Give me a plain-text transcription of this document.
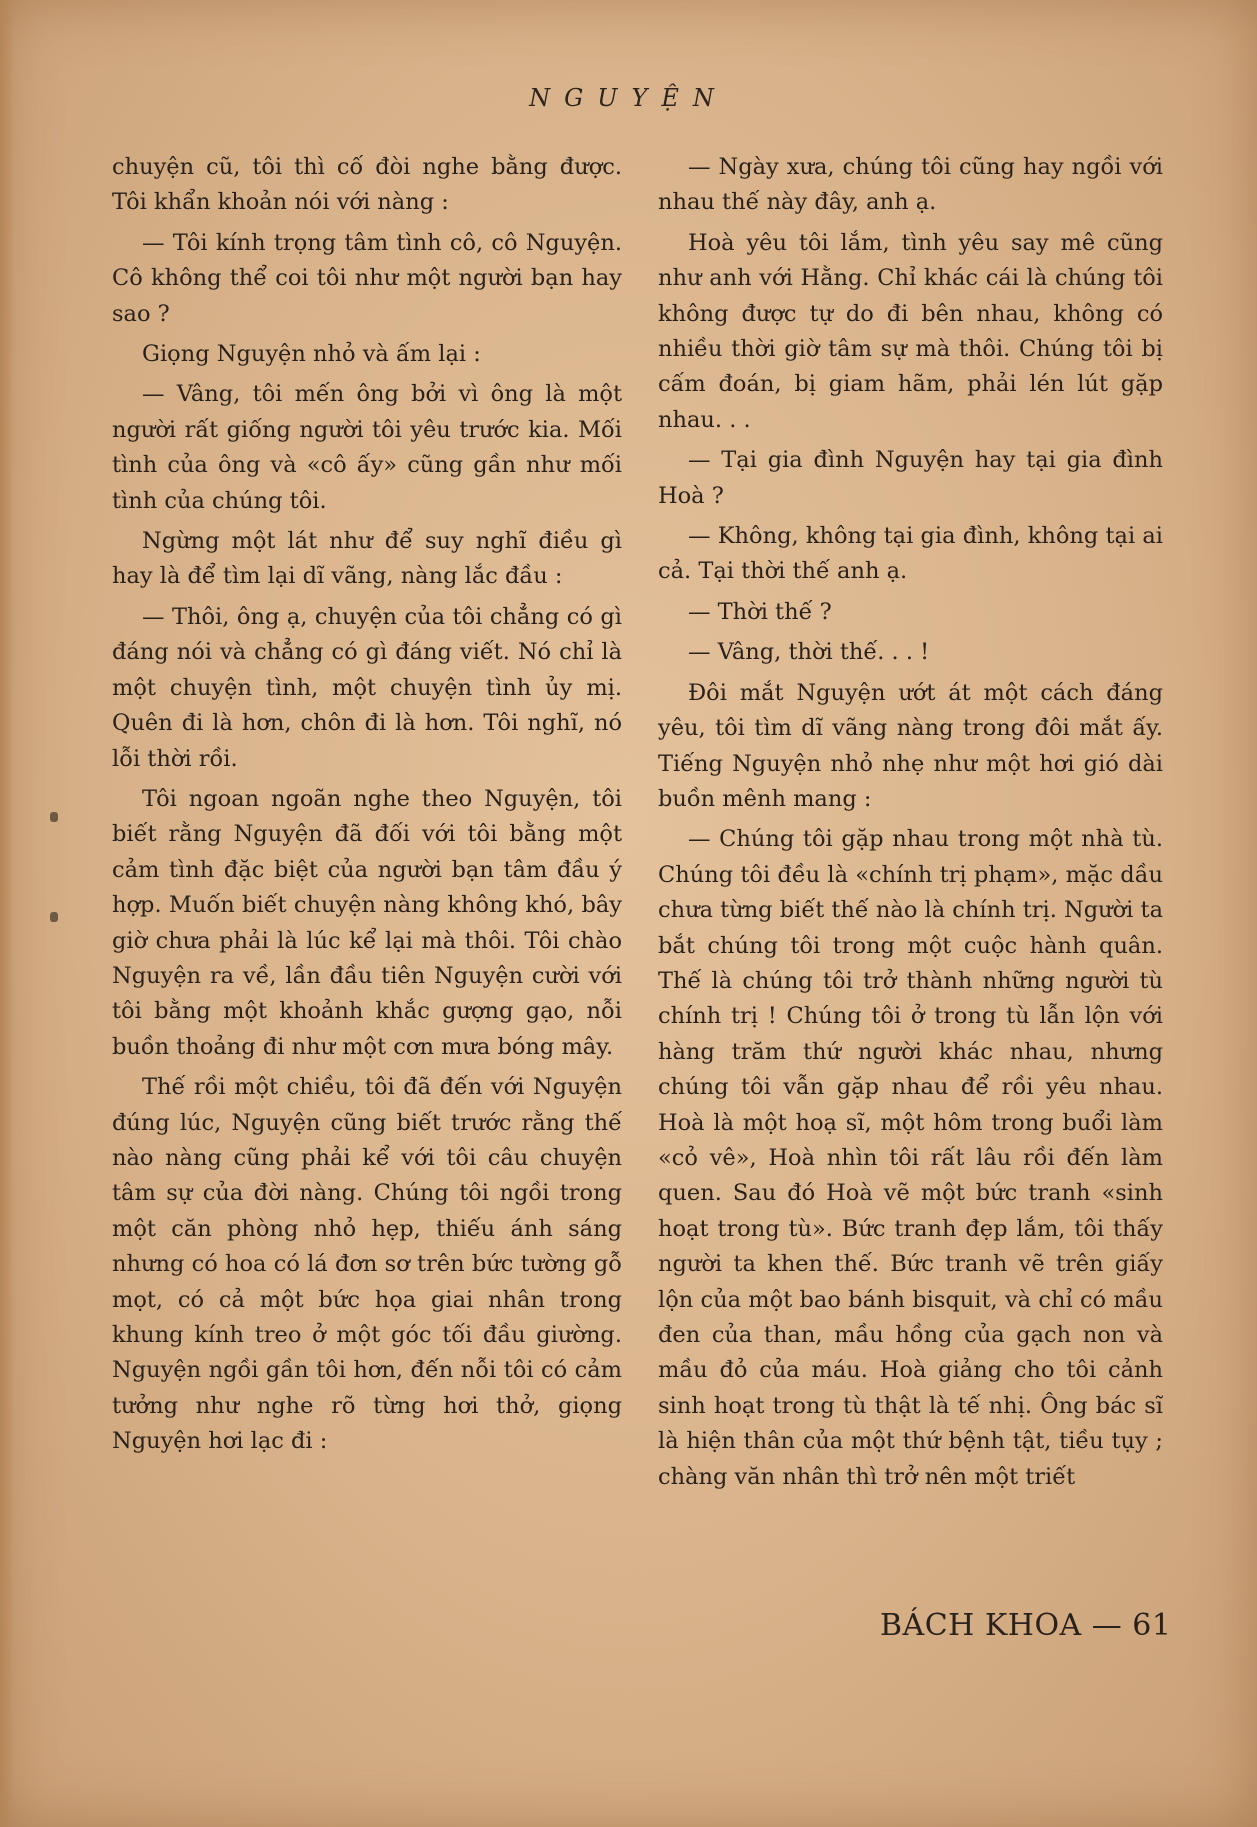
NGUYỆN

chuyện cũ, tôi thì cố đòi nghe bằng được. Tôi khẩn khoản nói với nàng :

— Tôi kính trọng tâm tình cô, cô Nguyện. Cô không thể coi tôi như một người bạn hay sao ?

Giọng Nguyện nhỏ và ấm lại :

— Vâng, tôi mến ông bởi vì ông là một người rất giống người tôi yêu trước kia. Mối tình của ông và «cô ấy» cũng gần như mối tình của chúng tôi.

Ngừng một lát như để suy nghĩ điều gì hay là để tìm lại dĩ vãng, nàng lắc đầu :

— Thôi, ông ạ, chuyện của tôi chẳng có gì đáng nói và chẳng có gì đáng viết. Nó chỉ là một chuyện tình, một chuyện tình ủy mị. Quên đi là hơn, chôn đi là hơn. Tôi nghĩ, nó lỗi thời rồi.

Tôi ngoan ngoãn nghe theo Nguyện, tôi biết rằng Nguyện đã đối với tôi bằng một cảm tình đặc biệt của người bạn tâm đầu ý hợp. Muốn biết chuyện nàng không khó, bây giờ chưa phải là lúc kể lại mà thôi. Tôi chào Nguyện ra về, lần đầu tiên Nguyện cười với tôi bằng một khoảnh khắc gượng gạo, nỗi buồn thoảng đi như một cơn mưa bóng mây.

Thế rồi một chiều, tôi đã đến với Nguyện đúng lúc, Nguyện cũng biết trước rằng thế nào nàng cũng phải kể với tôi câu chuyện tâm sự của đời nàng. Chúng tôi ngồi trong một căn phòng nhỏ hẹp, thiếu ánh sáng nhưng có hoa có lá đơn sơ trên bức tường gỗ mọt, có cả một bức họa giai nhân trong khung kính treo ở một góc tối đầu giường. Nguyện ngồi gần tôi hơn, đến nỗi tôi có cảm tưởng như nghe rõ từng hơi thở, giọng Nguyện hơi lạc đi :

— Ngày xưa, chúng tôi cũng hay ngồi với nhau thế này đây, anh ạ.

Hoà yêu tôi lắm, tình yêu say mê cũng như anh với Hằng. Chỉ khác cái là chúng tôi không được tự do đi bên nhau, không có nhiều thời giờ tâm sự mà thôi. Chúng tôi bị cấm đoán, bị giam hãm, phải lén lút gặp nhau. . .

— Tại gia đình Nguyện hay tại gia đình Hoà ?

— Không, không tại gia đình, không tại ai cả. Tại thời thế anh ạ.

— Thời thế ?

— Vâng, thời thế. . . !

Đôi mắt Nguyện ướt át một cách đáng yêu, tôi tìm dĩ vãng nàng trong đôi mắt ấy. Tiếng Nguyện nhỏ nhẹ như một hơi gió dài buồn mênh mang :

— Chúng tôi gặp nhau trong một nhà tù. Chúng tôi đều là «chính trị phạm», mặc dầu chưa từng biết thế nào là chính trị. Người ta bắt chúng tôi trong một cuộc hành quân. Thế là chúng tôi trở thành những người tù chính trị ! Chúng tôi ở trong tù lẫn lộn với hàng trăm thứ người khác nhau, nhưng chúng tôi vẫn gặp nhau để rồi yêu nhau. Hoà là một hoạ sĩ, một hôm trong buổi làm «cỏ vê», Hoà nhìn tôi rất lâu rồi đến làm quen. Sau đó Hoà vẽ một bức tranh «sinh hoạt trong tù». Bức tranh đẹp lắm, tôi thấy người ta khen thế. Bức tranh vẽ trên giấy lộn của một bao bánh bisquit, và chỉ có mầu đen của than, mầu hồng của gạch non và mầu đỏ của máu. Hoà giảng cho tôi cảnh sinh hoạt trong tù thật là tế nhị. Ông bác sĩ là hiện thân của một thứ bệnh tật, tiều tụy ; chàng văn nhân thì trở nên một triết

BÁCH KHOA — 61
